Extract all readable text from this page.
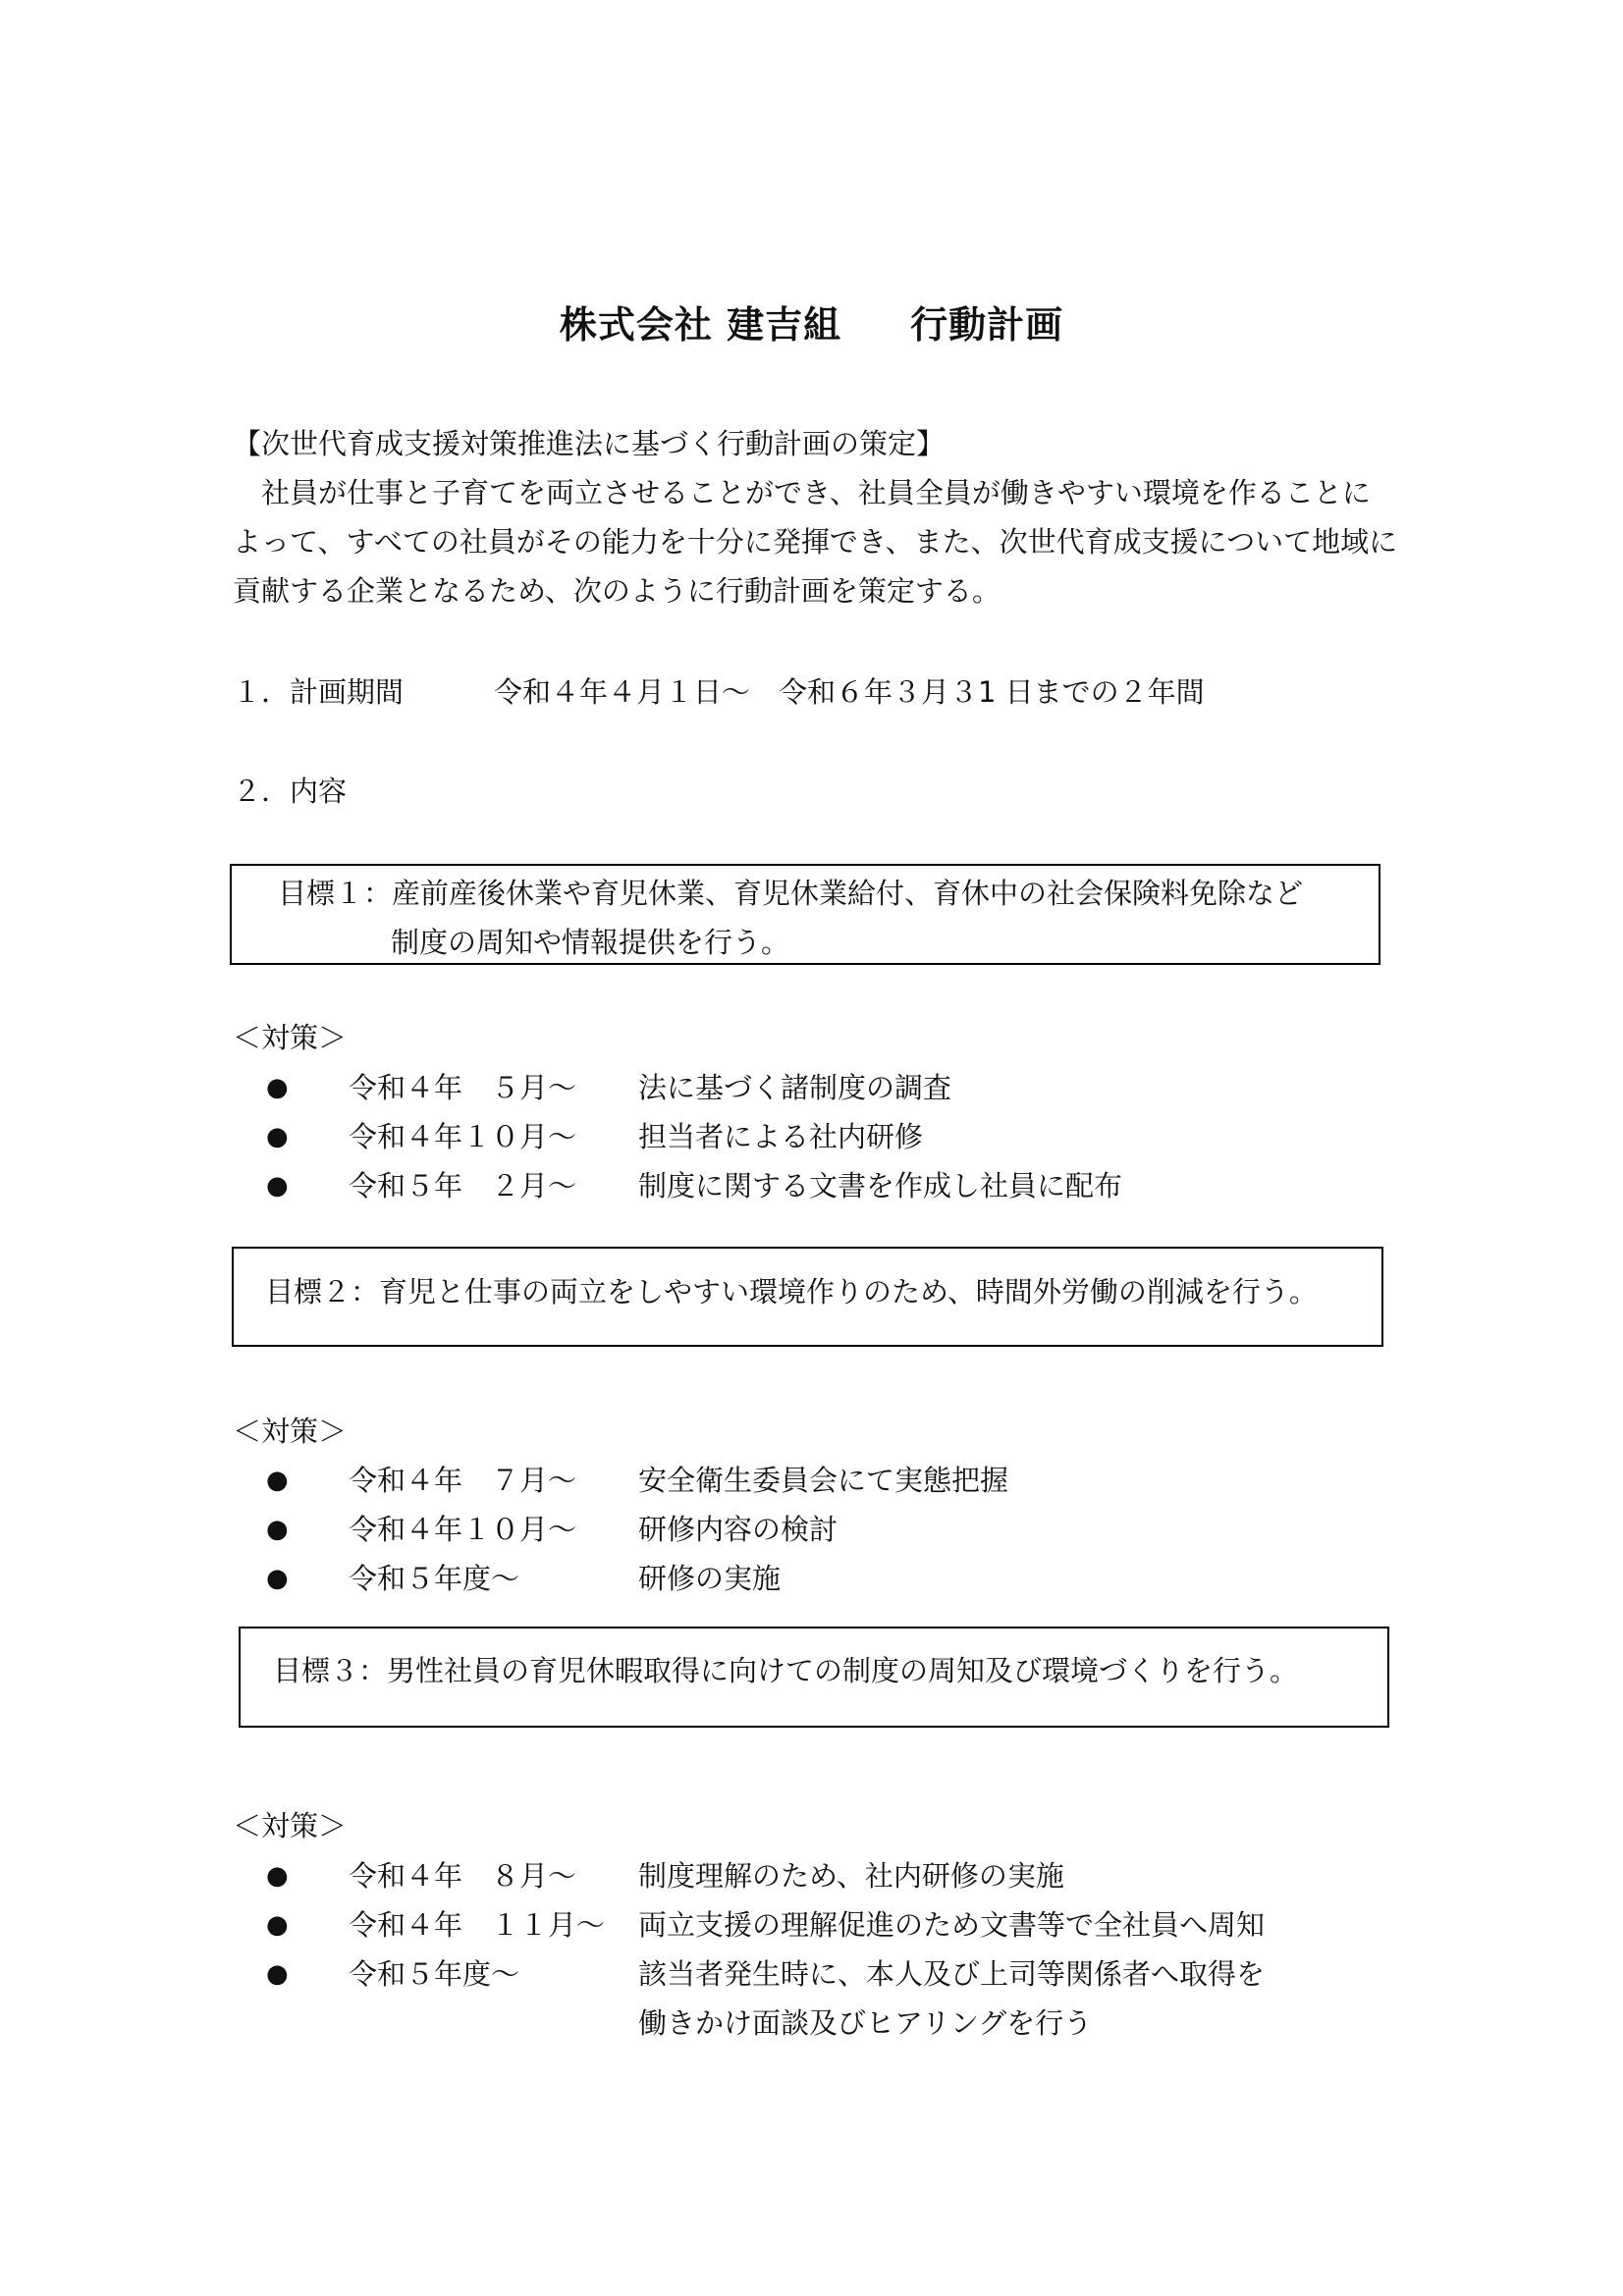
株式会社 建吉組 行動計画
【次世代育成支援対策推進法に基づく行動計画の策定】
　社員が仕事と子育てを両立させることができ、社員全員が働きやすい環境を作ることに
よって、すべての社員がその能力を十分に発揮でき、また、次世代育成支援について地域に
貢献する企業となるため、次のように行動計画を策定する。
１．計画期間	令和４年４月１日～　令和６年３月３1 日までの２年間
２．内容
目標１：産前産後休業や育児休業、育児休業給付、育休中の社会保険料免除など
制度の周知や情報提供を行う。
＜対策＞
● 令和４年　５月～ 法に基づく諸制度の調査
● 令和４年１０月～ 担当者による社内研修
● 令和５年　２月～ 制度に関する文書を作成し社員に配布
目標２：育児と仕事の両立をしやすい環境作りのため、時間外労働の削減を行う。
＜対策＞
● 令和４年　７月～ 安全衛生委員会にて実態把握
● 令和４年１０月～ 研修内容の検討
● 令和５年度～	研修の実施
目標３：男性社員の育児休暇取得に向けての制度の周知及び環境づくりを行う。
＜対策＞
● 令和４年　８月～ 制度理解のため、社内研修の実施
● 令和４年　１１月～ 両立支援の理解促進のため文書等で全社員へ周知
● 令和５年度～	該当者発生時に、本人及び上司等関係者へ取得を
働きかけ面談及びヒアリングを行う
